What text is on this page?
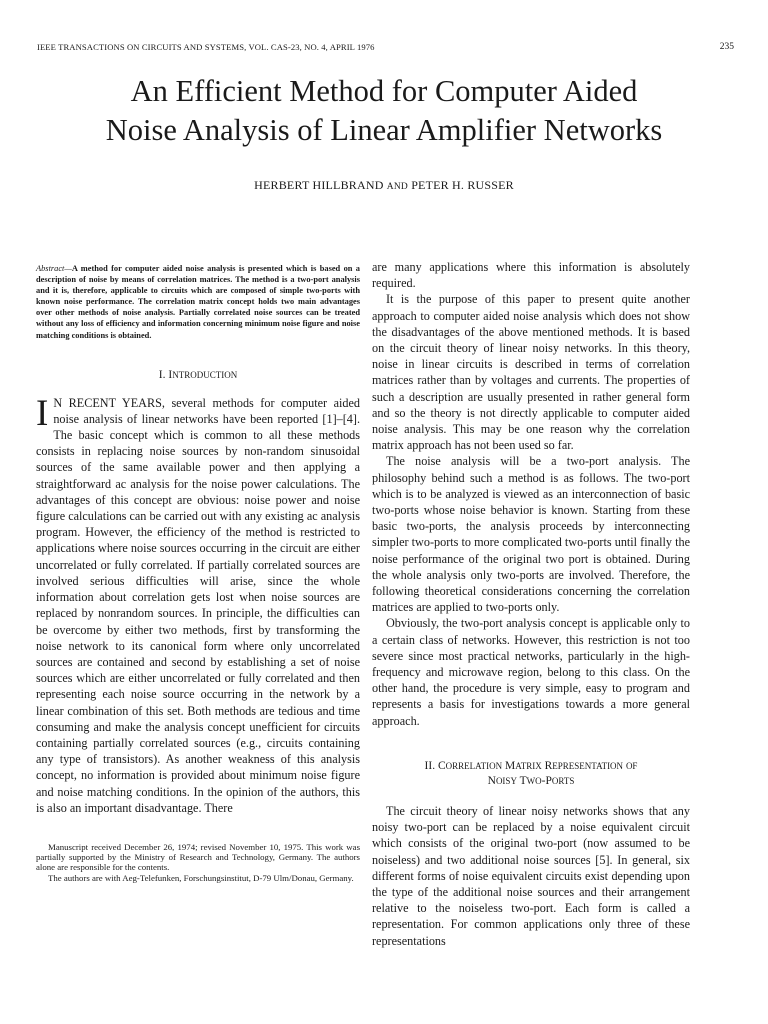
IEEE TRANSACTIONS ON CIRCUITS AND SYSTEMS, VOL. CAS-23, NO. 4, APRIL 1976	235
An Efficient Method for Computer Aided
Noise Analysis of Linear Amplifier Networks
HERBERT HILLBRAND AND PETER H. RUSSER

Abstract—A method for computer aided noise analysis is presented which is based on a description of noise by means of correlation matrices. The method is a two-port analysis and it is, therefore, applicable to circuits which are composed of simple two-ports with known noise performance. The correlation matrix concept holds two main advantages over other methods of noise analysis. Partially correlated noise sources can be treated without any loss of efficiency and information concerning minimum noise figure and noise matching conditions is obtained.

I. INTRODUCTION

I N RECENT YEARS, several methods for computer aided noise analysis of linear networks have been reported [1]–[4]. The basic concept which is common to all these methods consists in replacing noise sources by non-random sinusoidal sources of the same available power and then applying a straightforward ac analysis for the noise power calculations. The advantages of this concept are obvious: noise power and noise figure calculations can be carried out with any existing ac analysis program. However, the efficiency of the method is restricted to applications where noise sources occurring in the circuit are either uncorrelated or fully correlated. If partially correlated sources are involved serious difficulties will arise, since the whole information about correlation gets lost when noise sources are replaced by nonrandom sources. In principle, the difficulties can be overcome by either two methods, first by transforming the noise network to its canonical form where only uncorrelated sources are contained and second by establishing a set of noise sources which are either uncorrelated or fully correlated and then representing each noise source occurring in the network by a linear combination of this set. Both methods are tedious and time consuming and make the analysis concept unefficient for circuits containing partially correlated sources (e.g., circuits containing any type of transistors). As another weakness of this analysis concept, no information is provided about minimum noise figure and noise matching conditions. In the opinion of the authors, this is also an important disadvantage. There

Manuscript received December 26, 1974; revised November 10, 1975. This work was partially supported by the Ministry of Research and Technology, Germany. The authors alone are responsible for the contents.

The authors are with Aeg-Telefunken, Forschungsinstitut, D-79 Ulm/Donau, Germany.

are many applications where this information is absolutely required.

It is the purpose of this paper to present quite another approach to computer aided noise analysis which does not show the disadvantages of the above mentioned methods. It is based on the circuit theory of linear noisy networks. In this theory, noise in linear circuits is described in terms of correlation matrices rather than by voltages and currents. The properties of such a description are usually presented in rather general form and so the theory is not directly applicable to computer aided noise analysis. This may be one reason why the correlation matrix approach has not been used so far.

The noise analysis will be a two-port analysis. The philosophy behind such a method is as follows. The two-port which is to be analyzed is viewed as an interconnection of basic two-ports whose noise behavior is known. Starting from these basic two-ports, the analysis proceeds by interconnecting simpler two-ports to more complicated two-ports until finally the noise performance of the original two port is obtained. During the whole analysis only two-ports are involved. Therefore, the following theoretical considerations concerning the correlation matrices are applied to two-ports only.

Obviously, the two-port analysis concept is applicable only to a certain class of networks. However, this restriction is not too severe since most practical networks, particularly in the high-frequency and microwave region, belong to this class. On the other hand, the procedure is very simple, easy to program and represents a basis for investigations towards a more general approach.

II. CORRELATION MATRIX REPRESENTATION OF
NOISY TWO-PORTS

The circuit theory of linear noisy networks shows that any noisy two-port can be replaced by a noise equivalent circuit which consists of the original two-port (now assumed to be noiseless) and two additional noise sources [5]. In general, six different forms of noise equivalent circuits exist depending upon the type of the additional noise sources and their arrangement relative to the noiseless two-port. Each form is called a representation. For common applications only three of these representations
